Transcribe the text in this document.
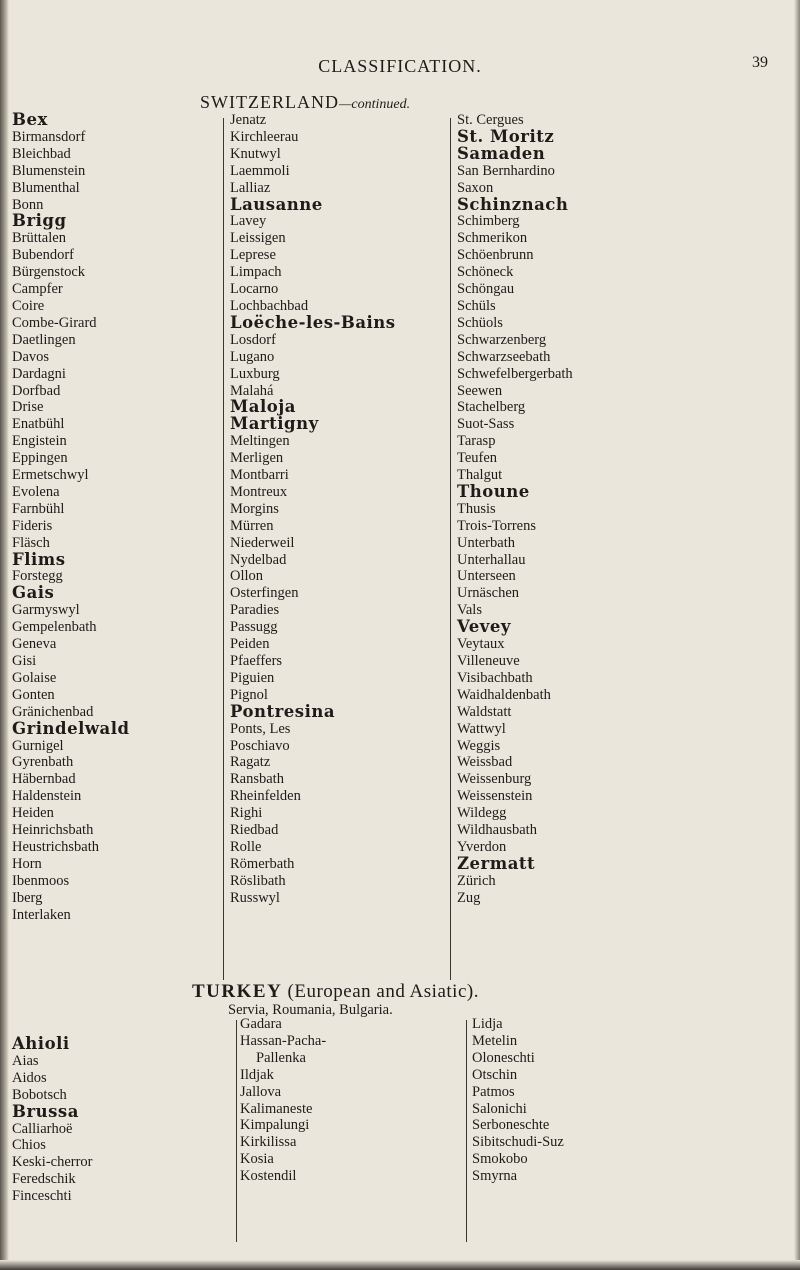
CLASSIFICATION.	39
SWITZERLAND—continued.
Bex
Birmansdorf
Bleichbad
Blumenstein
Blumenthal
Bonn
Brigg
Brüttalen
Bubendorf
Bürgenstock
Campfer
Coire
Combe-Girard
Daetlingen
Davos
Dardagni
Dorfbad
Drise
Enatbühl
Engistein
Eppingen
Ermetschwyl
Evolena
Farnbühl
Fideris
Fläsch
Flims
Forstegg
Gais
Garmyswyl
Gempelenbath
Geneva
Gisi
Golaise
Gonten
Gränichenbad
Grindelwald
Gurnigel
Gyrenbath
Häbernbad
Haldenstein
Heiden
Heinrichsbath
Heustrichsbath
Horn
Ibenmoos
Iberg
Interlaken
Jenatz
Kirchleerau
Knutwyl
Laemmoli
Lalliaz
Lausanne
Lavey
Leissigen
Leprese
Limpach
Locarno
Lochbachbad
Loëche-les-Bains
Losdorf
Lugano
Luxburg
Malahá
Maloja
Martigny
Meltingen
Merligen
Montbarri
Montreux
Morgins
Mürren
Niederweil
Nydelbad
Ollon
Osterfingen
Paradies
Passugg
Peiden
Pfaeffers
Piguien
Pignol
Pontresina
Ponts, Les
Poschiavo
Ragatz
Ransbath
Rheinfelden
Righi
Riedbad
Rolle
Römerbath
Röslibath
Russwyl
St. Cergues
St. Moritz
Samaden
San Bernhardino
Saxon
Schinznach
Schimberg
Schmerikon
Schöenbrunn
Schöneck
Schöngau
Schüls
Schüols
Schwarzenberg
Schwarzseebath
Schwefelbergerbath
Seewen
Stachelberg
Suot-Sass
Tarasp
Teufen
Thalgut
Thoune
Thusis
Trois-Torrens
Unterbath
Unterhallau
Unterseen
Urnäschen
Vals
Vevey
Veytaux
Villeneuve
Visibachbath
Waidhaldenbath
Waldstatt
Wattwyl
Weggis
Weissbad
Weissenburg
Weissenstein
Wildegg
Wildhausbath
Yverdon
Zermatt
Zürich
Zug
TURKEY (European and Asiatic).
Servia, Roumania, Bulgaria.
Ahioli
Aias
Aidos
Bobotsch
Brussa
Calliarhoë
Chios
Keski-cherror
Feredschik
Finceschti
Gadara
Hassan-Pacha-
Pallenka
Ildjak
Jallova
Kalimaneste
Kimpalungi
Kirkilissa
Kosia
Kostendil
Lidja
Metelin
Oloneschti
Otschin
Patmos
Salonichi
Serboneschte
Sibitschudi-Suz
Smokobo
Smyrna
